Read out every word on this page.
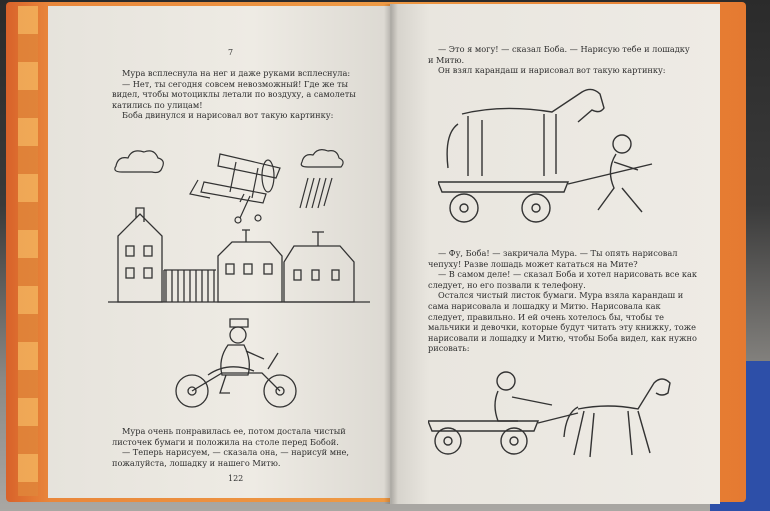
7
Мура всплеснула на нег и даже руками всплеснула:
— Нет, ты сегодня совсем невозможный! Где же ты видел, чтобы мотоциклы летали по воздуху, а самолеты катились по улицам!
Боба двинулся и нарисовал вот такую картинку:
Мура очень понравилась ее, потом достала чистый листочек бумаги и положила на столе перед Бобой.
— Теперь нарисуем, — сказала она, — нарисуй мне, пожалуйста, лошадку и нашего Митю.
122
— Это я могу! — сказал Боба. — Нарисую тебе и лошадку и Митю.
Он взял карандаш и нарисовал вот такую картинку:
— Фу, Боба! — закричала Мура. — Ты опять нарисовал чепуху! Разве лошадь может кататься на Мите?
— В самом деле! — сказал Боба и хотел нарисовать все как следует, но его позвали к телефону.
Остался чистый листок бумаги. Мура взяла карандаш и сама нарисовала и лошадку и Митю. Нарисовала как следует, правильно. И ей очень хотелось бы, чтобы те мальчики и девочки, которые будут читать эту книжку, тоже нарисовали и лошадку и Митю, чтобы Боба видел, как нужно рисовать:
